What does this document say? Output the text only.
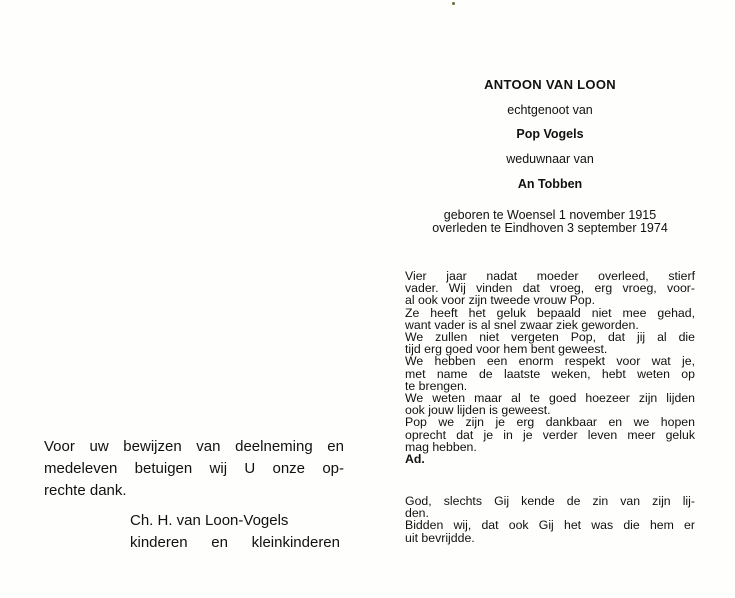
ANTOON VAN LOON
echtgenoot van
Pop Vogels
weduwnaar van
An Tobben
geboren te Woensel 1 november 1915
overleden te Eindhoven 3 september 1974
Vier jaar nadat moeder overleed, stierf
vader. Wij vinden dat vroeg, erg vroeg, voor-
al ook voor zijn tweede vrouw Pop.
Ze heeft het geluk bepaald niet mee gehad,
want vader is al snel zwaar ziek geworden.
We zullen niet vergeten Pop, dat jij al die
tijd erg goed voor hem bent geweest.
We hebben een enorm respekt voor wat je,
met name de laatste weken, hebt weten op
te brengen.
We weten maar al te goed hoezeer zijn lijden
ook jouw lijden is geweest.
Pop we zijn je erg dankbaar en we hopen
oprecht dat je in je verder leven meer geluk
mag hebben.
Ad.
God, slechts Gij kende de zin van zijn lij-
den.
Bidden wij, dat ook Gij het was die hem er
uit bevrijdde.
Voor uw bewijzen van deelneming en
medeleven betuigen wij U onze op-
rechte dank.
Ch. H. van Loon-Vogels
kinderen en kleinkinderen
